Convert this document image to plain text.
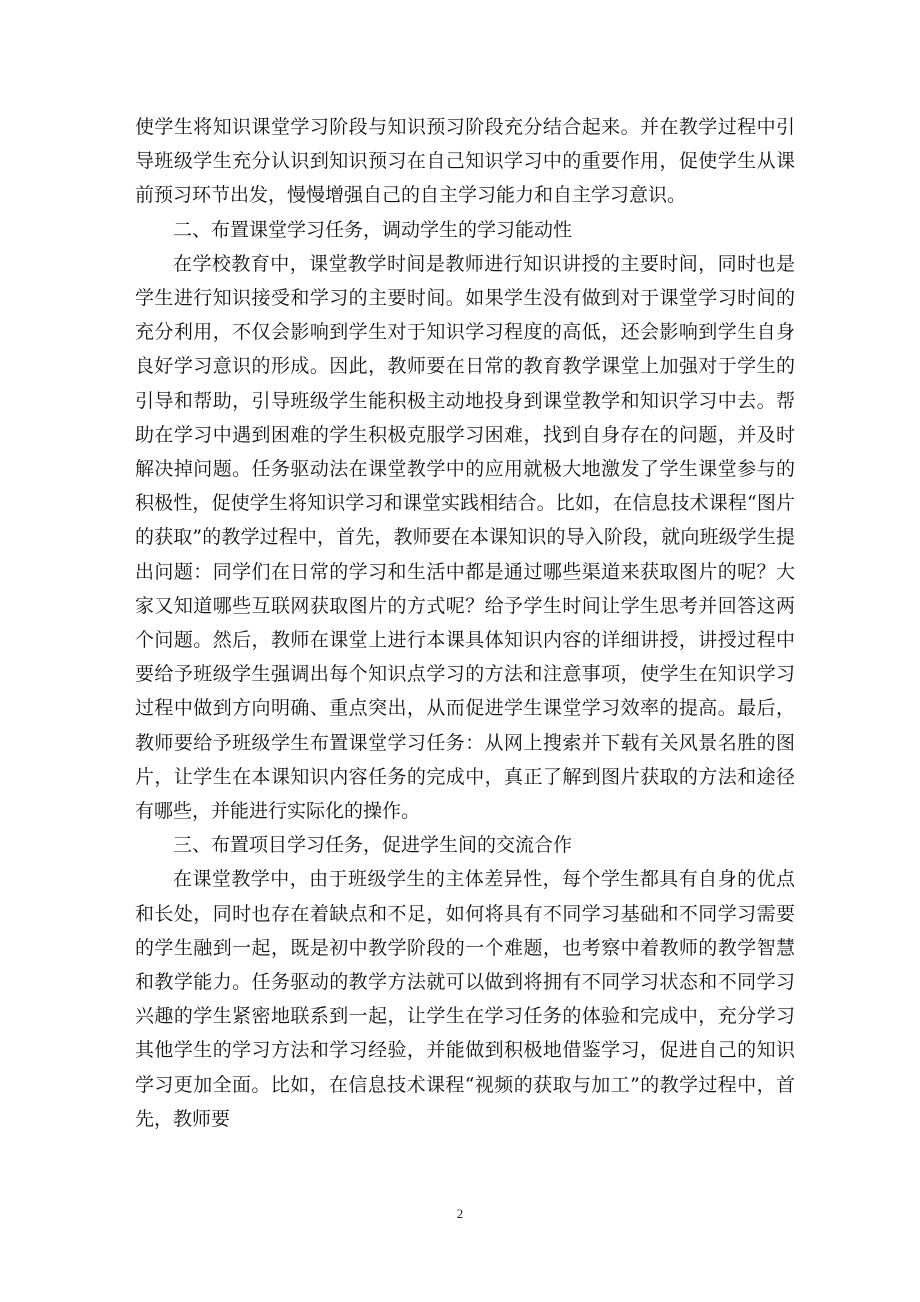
使学生将知识课堂学习阶段与知识预习阶段充分结合起来。并在教学过程中引导班级学生充分认识到知识预习在自己知识学习中的重要作用，促使学生从课前预习环节出发，慢慢增强自己的自主学习能力和自主学习意识。

二、布置课堂学习任务，调动学生的学习能动性

在学校教育中，课堂教学时间是教师进行知识讲授的主要时间，同时也是学生进行知识接受和学习的主要时间。如果学生没有做到对于课堂学习时间的充分利用，不仅会影响到学生对于知识学习程度的高低，还会影响到学生自身良好学习意识的形成。因此，教师要在日常的教育教学课堂上加强对于学生的引导和帮助，引导班级学生能积极主动地投身到课堂教学和知识学习中去。帮助在学习中遇到困难的学生积极克服学习困难，找到自身存在的问题，并及时解决掉问题。任务驱动法在课堂教学中的应用就极大地激发了学生课堂参与的积极性，促使学生将知识学习和课堂实践相结合。比如，在信息技术课程“图片的获取”的教学过程中，首先，教师要在本课知识的导入阶段，就向班级学生提出问题：同学们在日常的学习和生活中都是通过哪些渠道来获取图片的呢？大家又知道哪些互联网获取图片的方式呢？给予学生时间让学生思考并回答这两个问题。然后，教师在课堂上进行本课具体知识内容的详细讲授，讲授过程中要给予班级学生强调出每个知识点学习的方法和注意事项，使学生在知识学习过程中做到方向明确、重点突出，从而促进学生课堂学习效率的提高。最后，教师要给予班级学生布置课堂学习任务：从网上搜索并下载有关风景名胜的图片，让学生在本课知识内容任务的完成中，真正了解到图片获取的方法和途径有哪些，并能进行实际化的操作。

三、布置项目学习任务，促进学生间的交流合作

在课堂教学中，由于班级学生的主体差异性，每个学生都具有自身的优点和长处，同时也存在着缺点和不足，如何将具有不同学习基础和不同学习需要的学生融到一起，既是初中教学阶段的一个难题，也考察中着教师的教学智慧和教学能力。任务驱动的教学方法就可以做到将拥有不同学习状态和不同学习兴趣的学生紧密地联系到一起，让学生在学习任务的体验和完成中，充分学习其他学生的学习方法和学习经验，并能做到积极地借鉴学习，促进自己的知识学习更加全面。比如，在信息技术课程“视频的获取与加工”的教学过程中，首先，教师要

2
